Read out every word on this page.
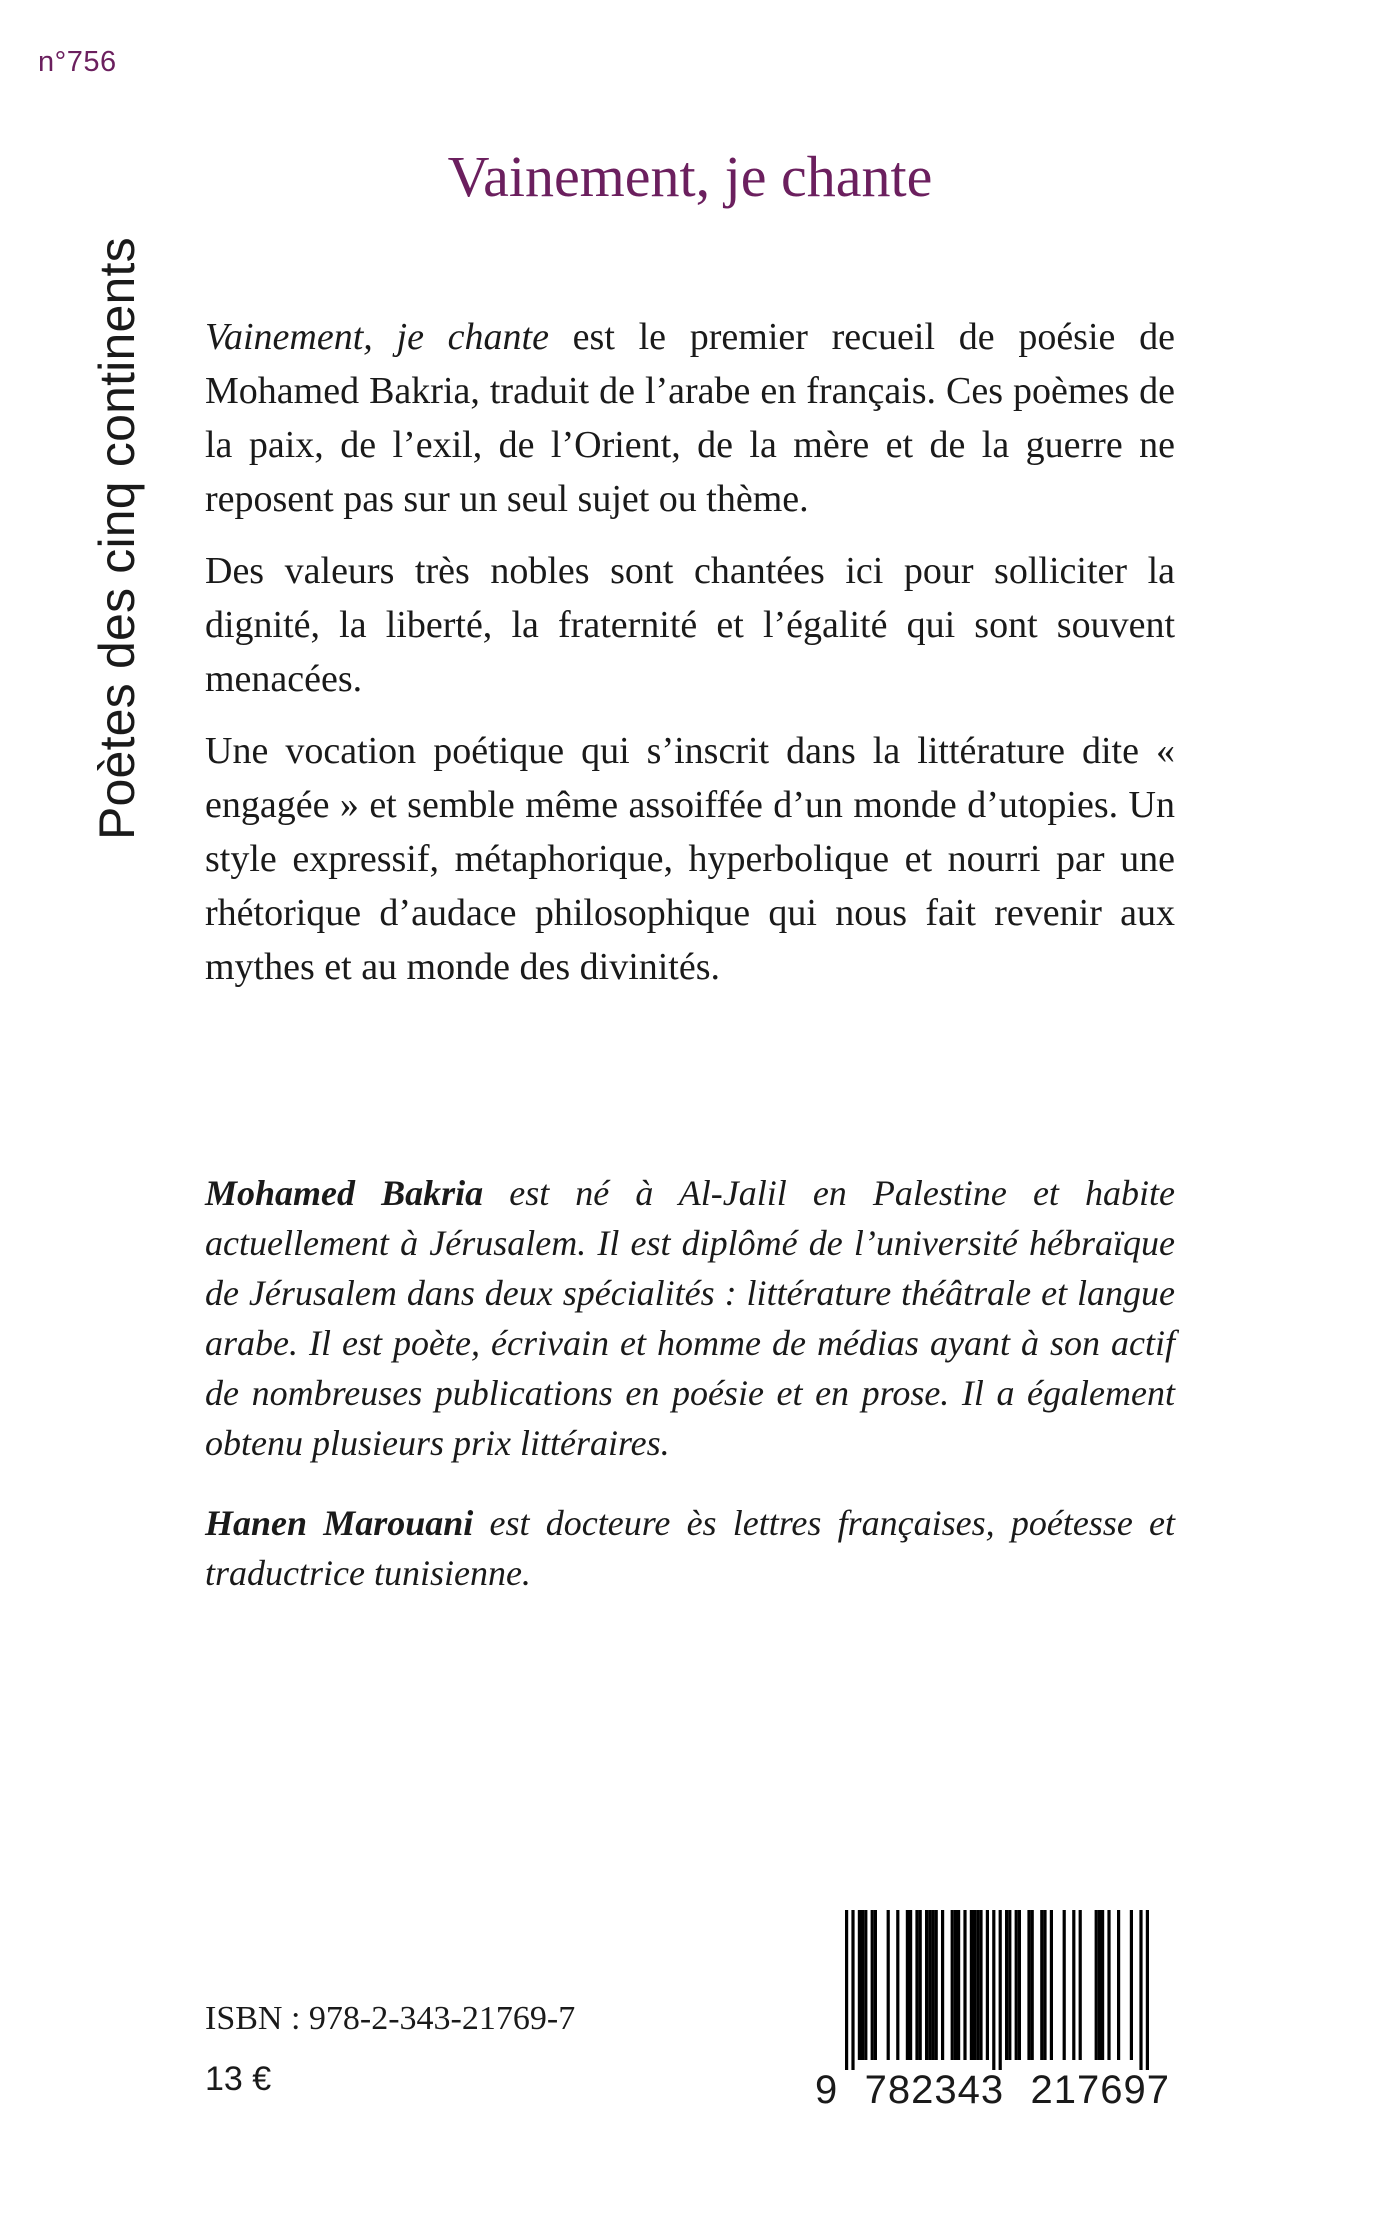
n°756
Poètes des cinq continents
Vainement, je chante

Vainement, je chante est le premier recueil de poésie de Mohamed Bakria, traduit de l’arabe en français. Ces poèmes de la paix, de l’exil, de l’Orient, de la mère et de la guerre ne reposent pas sur un seul sujet ou thème.

Des valeurs très nobles sont chantées ici pour solliciter la dignité, la liberté, la fraternité et l’égalité qui sont souvent menacées.

Une vocation poétique qui s’inscrit dans la littérature dite « engagée » et semble même assoiffée d’un monde d’utopies. Un style expressif, métaphorique, hyperbolique et nourri par une rhétorique d’audace philosophique qui nous fait revenir aux mythes et au monde des divinités.

Mohamed Bakria est né à Al-Jalil en Palestine et habite actuellement à Jérusalem. Il est diplômé de l’université hébraïque de Jérusalem dans deux spécialités : littérature théâtrale et langue arabe. Il est poète, écrivain et homme de médias ayant à son actif de nombreuses publications en poésie et en prose. Il a également obtenu plusieurs prix littéraires.

Hanen Marouani est docteure ès lettres françaises, poétesse et traductrice tunisienne.

ISBN : 978-2-343-21769-7
13 €	9 782343 217697
